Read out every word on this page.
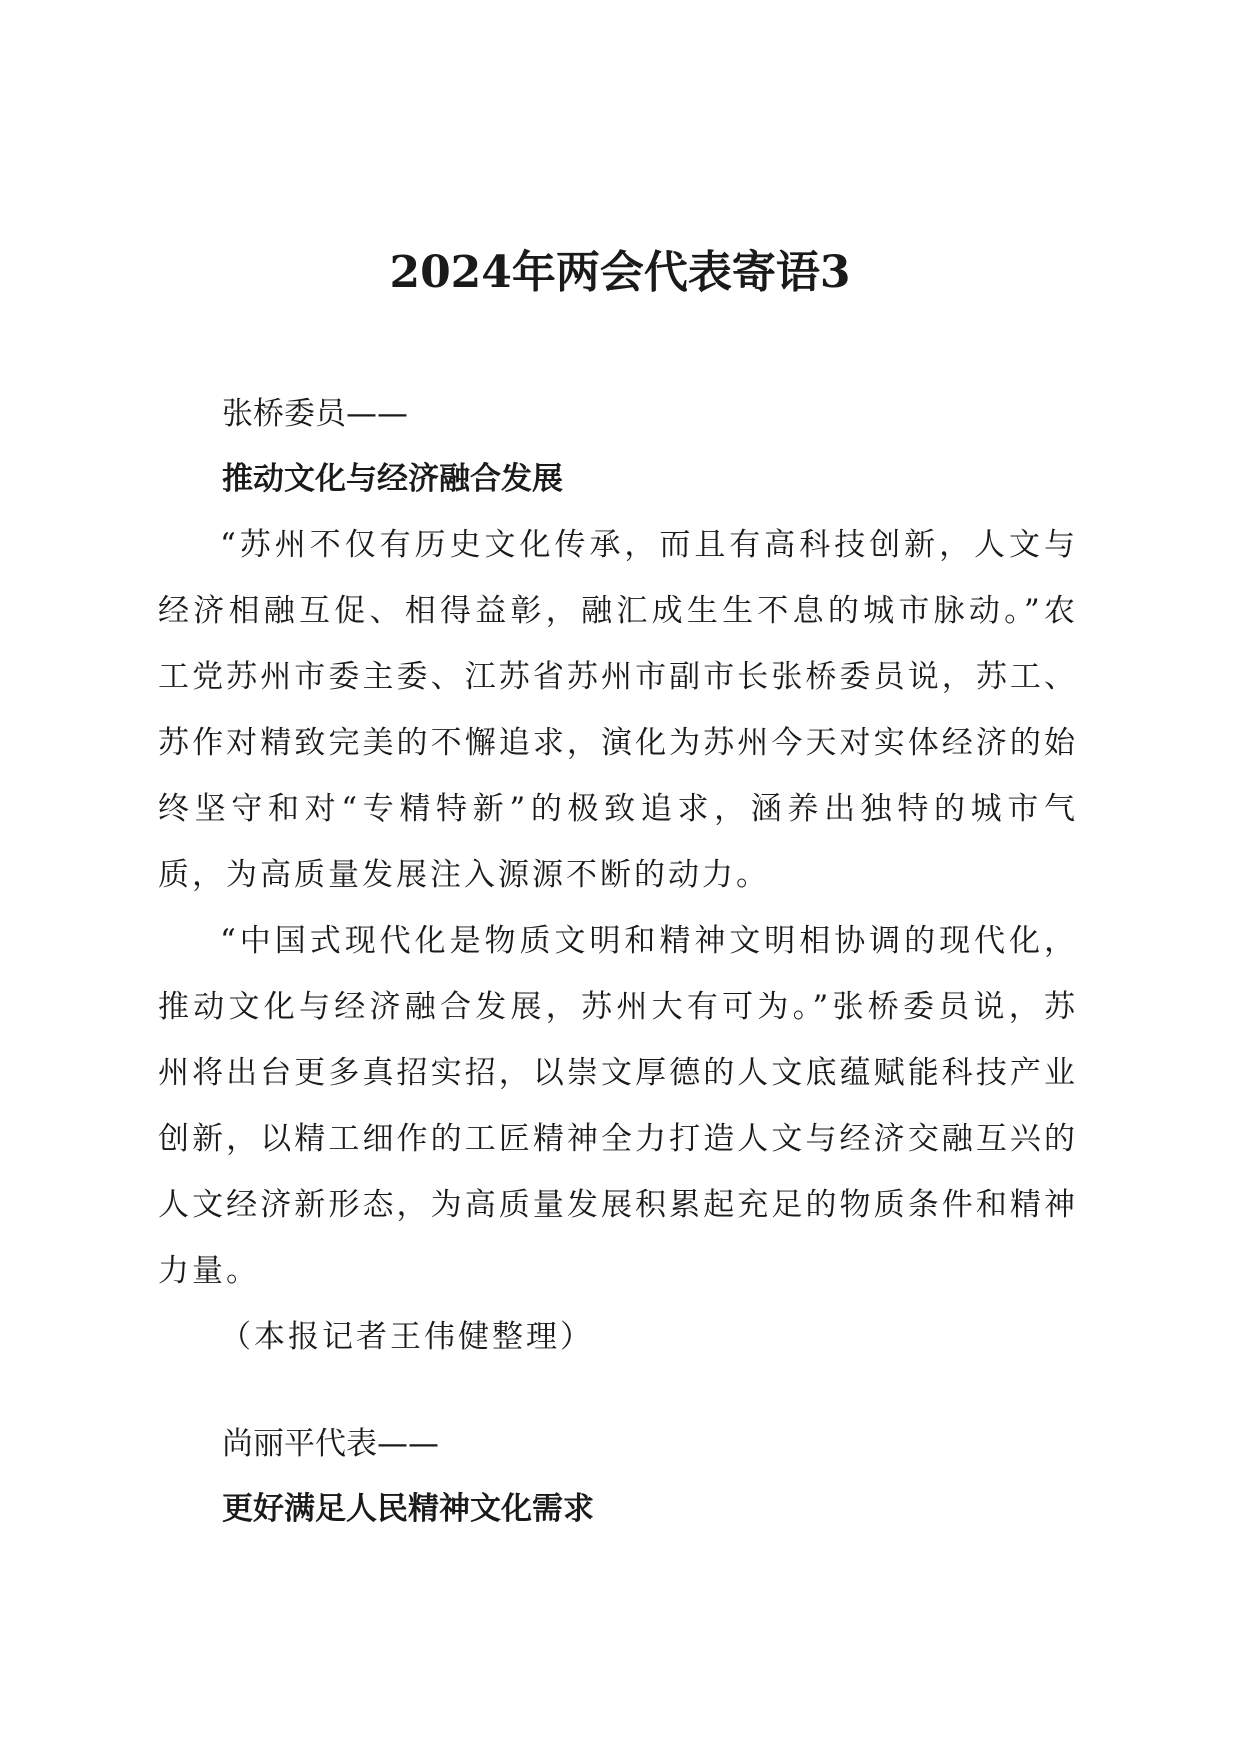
2024年两会代表寄语3

张桥委员——

推动文化与经济融合发展

“苏州不仅有历史文化传承，而且有高科技创新，人文与经济相融互促、相得益彰，融汇成生生不息的城市脉动。”农工党苏州市委主委、江苏省苏州市副市长张桥委员说，苏工、苏作对精致完美的不懈追求，演化为苏州今天对实体经济的始终坚守和对“专精特新”的极致追求，涵养出独特的城市气质，为高质量发展注入源源不断的动力。

“中国式现代化是物质文明和精神文明相协调的现代化，推动文化与经济融合发展，苏州大有可为。”张桥委员说，苏州将出台更多真招实招，以崇文厚德的人文底蕴赋能科技产业创新，以精工细作的工匠精神全力打造人文与经济交融互兴的人文经济新形态，为高质量发展积累起充足的物质条件和精神力量。

（本报记者王伟健整理）

尚丽平代表——

更好满足人民精神文化需求
